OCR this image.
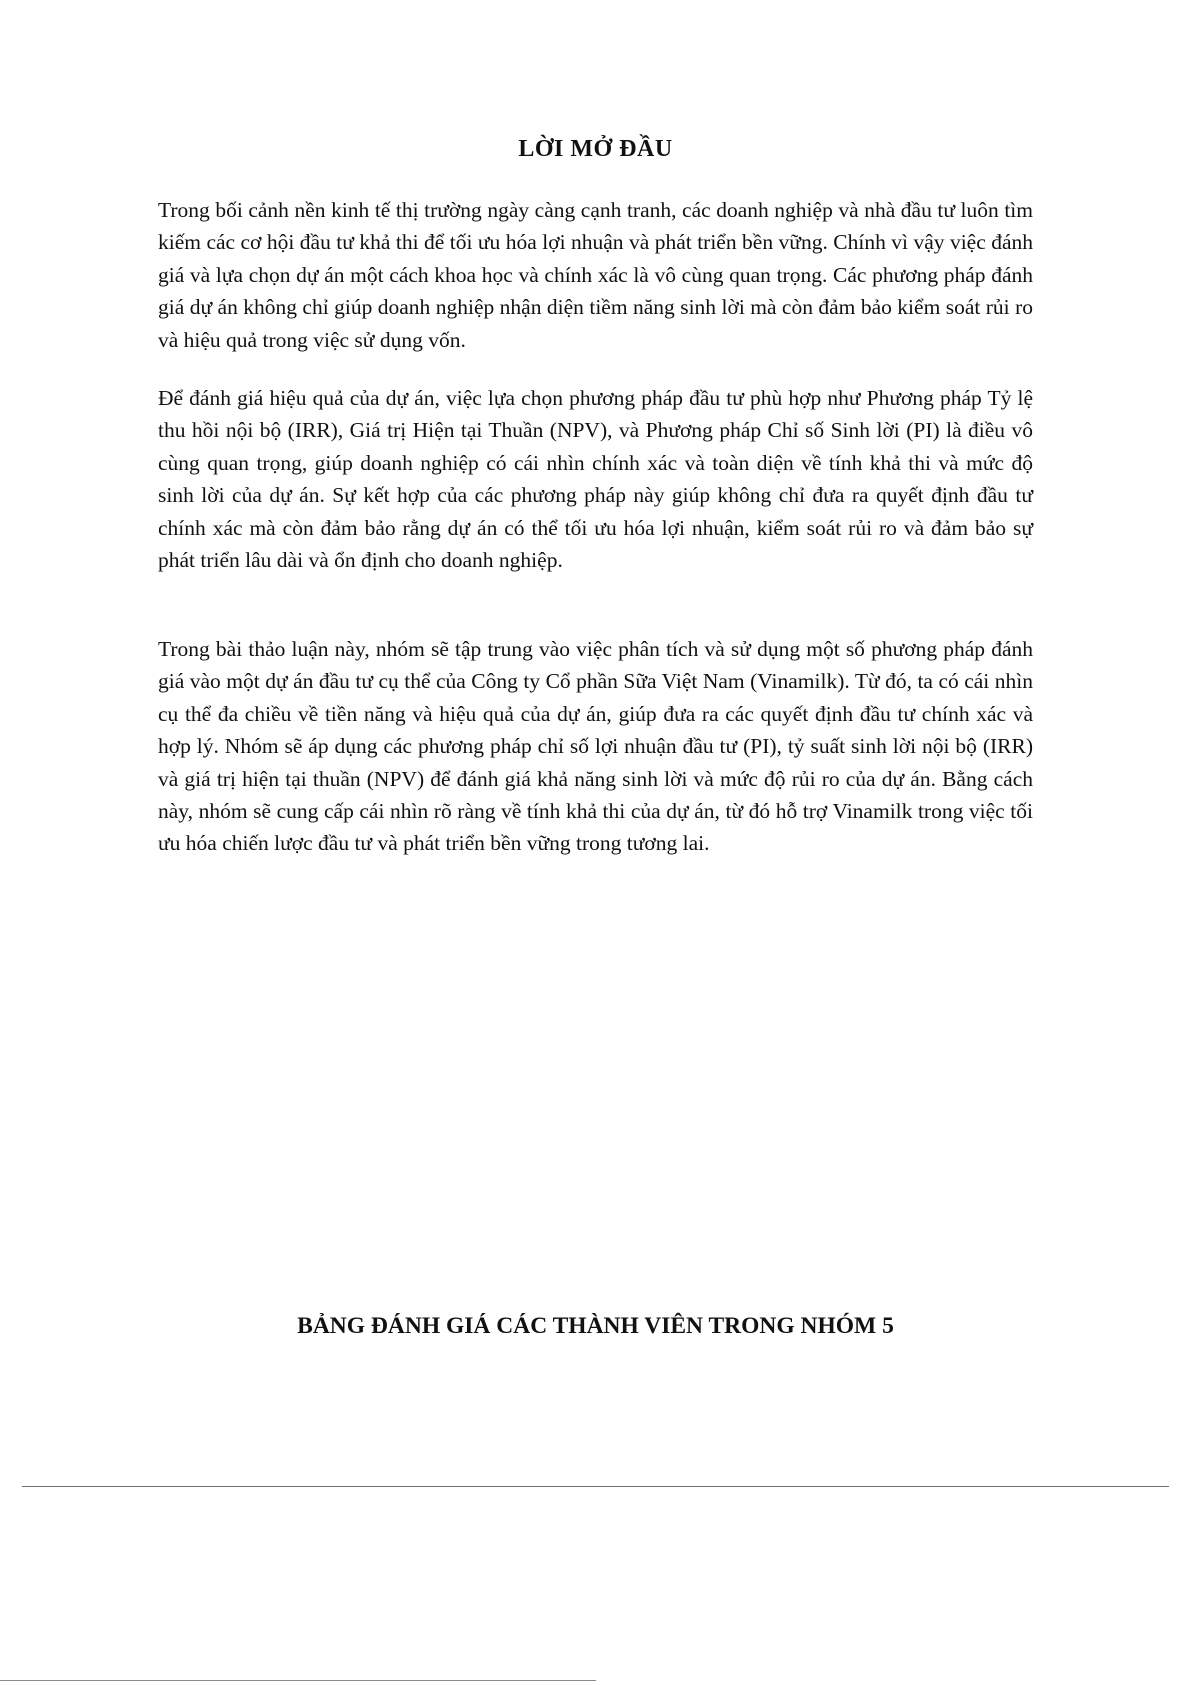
LỜI MỞ ĐẦU

Trong bối cảnh nền kinh tế thị trường ngày càng cạnh tranh, các doanh nghiệp và nhà đầu tư luôn tìm kiếm các cơ hội đầu tư khả thi để tối ưu hóa lợi nhuận và phát triển bền vững. Chính vì vậy việc đánh giá và lựa chọn dự án một cách khoa học và chính xác là vô cùng quan trọng. Các phương pháp đánh giá dự án không chỉ giúp doanh nghiệp nhận diện tiềm năng sinh lời mà còn đảm bảo kiểm soát rủi ro và hiệu quả trong việc sử dụng vốn.

Để đánh giá hiệu quả của dự án, việc lựa chọn phương pháp đầu tư phù hợp như Phương pháp Tỷ lệ thu hồi nội bộ (IRR), Giá trị Hiện tại Thuần (NPV), và Phương pháp Chỉ số Sinh lời (PI) là điều vô cùng quan trọng, giúp doanh nghiệp có cái nhìn chính xác và toàn diện về tính khả thi và mức độ sinh lời của dự án. Sự kết hợp của các phương pháp này giúp không chỉ đưa ra quyết định đầu tư chính xác mà còn đảm bảo rằng dự án có thể tối ưu hóa lợi nhuận, kiểm soát rủi ro và đảm bảo sự phát triển lâu dài và ổn định cho doanh nghiệp.

Trong bài thảo luận này, nhóm sẽ tập trung vào việc phân tích và sử dụng một số phương pháp đánh giá vào một dự án đầu tư cụ thể của Công ty Cổ phần Sữa Việt Nam (Vinamilk). Từ đó, ta có cái nhìn cụ thể đa chiều về tiền năng và hiệu quả của dự án, giúp đưa ra các quyết định đầu tư chính xác và hợp lý. Nhóm sẽ áp dụng các phương pháp chỉ số lợi nhuận đầu tư (PI), tỷ suất sinh lời nội bộ (IRR) và giá trị hiện tại thuần (NPV) để đánh giá khả năng sinh lời và mức độ rủi ro của dự án. Bằng cách này, nhóm sẽ cung cấp cái nhìn rõ ràng về tính khả thi của dự án, từ đó hỗ trợ Vinamilk trong việc tối ưu hóa chiến lược đầu tư và phát triển bền vững trong tương lai.

BẢNG ĐÁNH GIÁ CÁC THÀNH VIÊN TRONG NHÓM 5
